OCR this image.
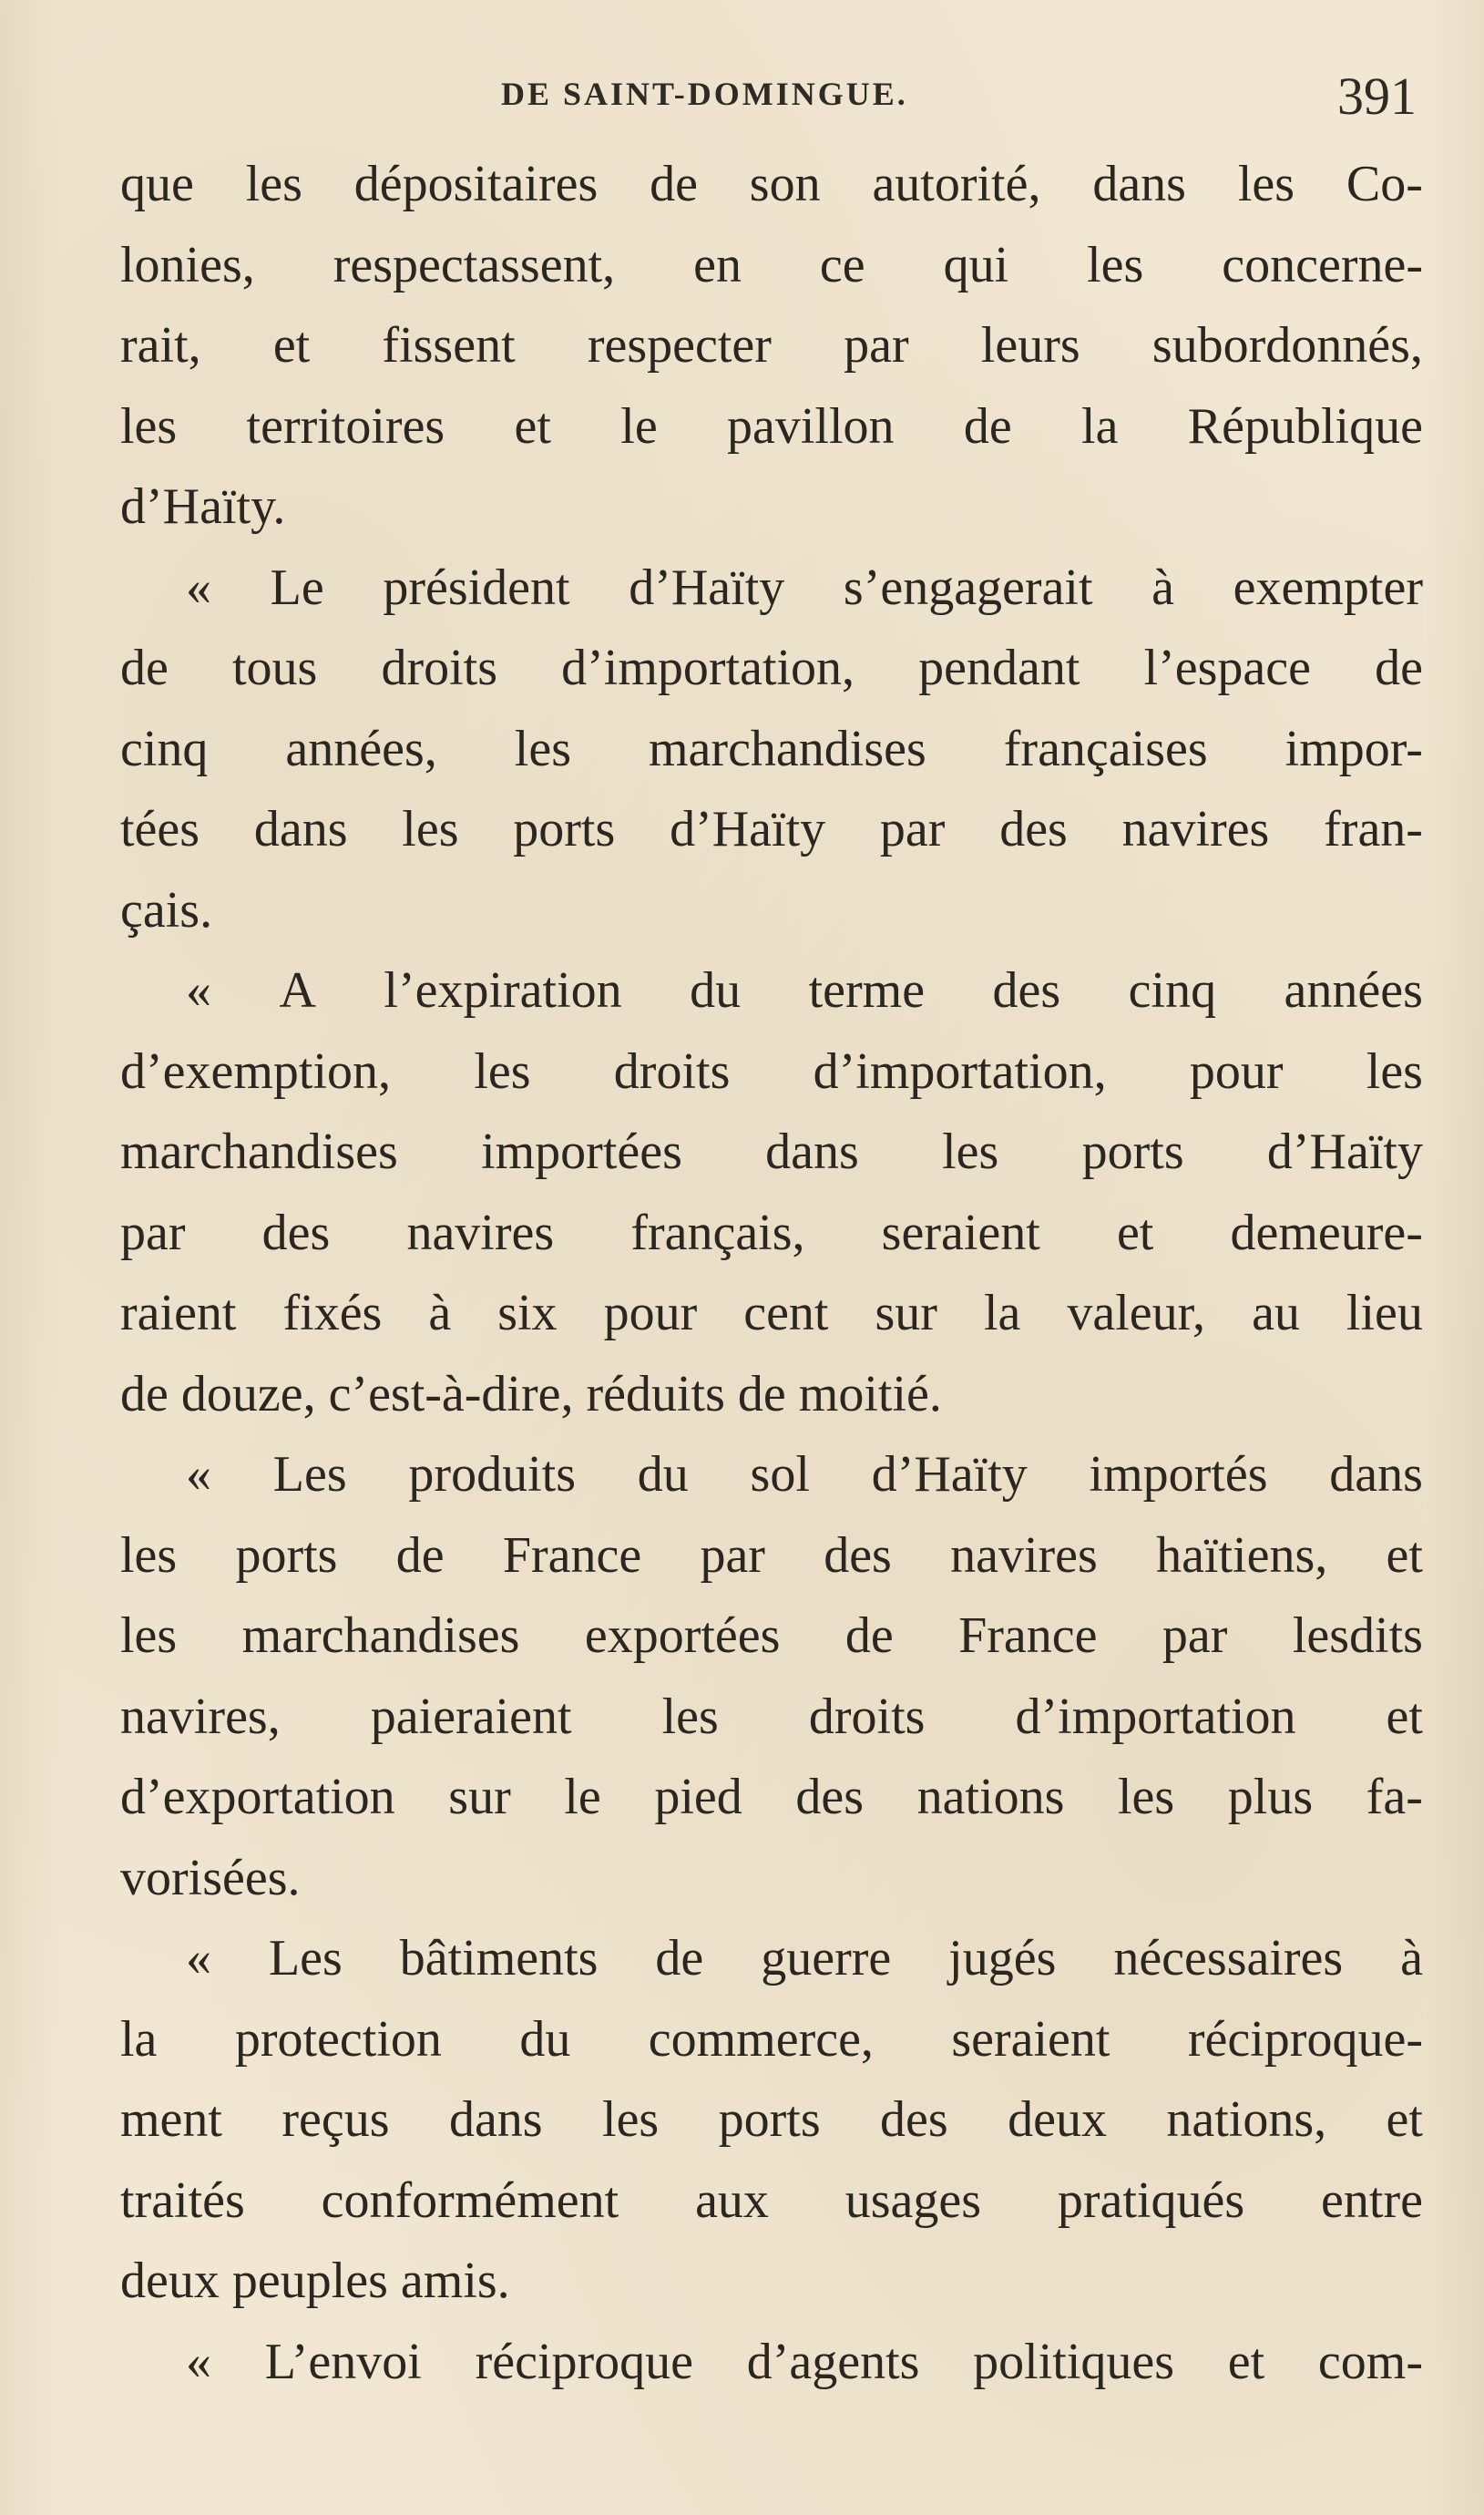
DE SAINT-DOMINGUE.	391
que les dépositaires de son autorité, dans les Co-
lonies, respectassent, en ce qui les concerne-
rait, et fissent respecter par leurs subordonnés,
les territoires et le pavillon de la République
d’Haïty.
« Le président d’Haïty s’engagerait à exempter
de tous droits d’importation, pendant l’espace de
cinq années, les marchandises françaises impor-
tées dans les ports d’Haïty par des navires fran-
çais.
« A l’expiration du terme des cinq années
d’exemption, les droits d’importation, pour les
marchandises importées dans les ports d’Haïty
par des navires français, seraient et demeure-
raient fixés à six pour cent sur la valeur, au lieu
de douze, c’est-à-dire, réduits de moitié.
« Les produits du sol d’Haïty importés dans
les ports de France par des navires haïtiens, et
les marchandises exportées de France par lesdits
navires, paieraient les droits d’importation et
d’exportation sur le pied des nations les plus fa-
vorisées.
« Les bâtiments de guerre jugés nécessaires à
la protection du commerce, seraient réciproque-
ment reçus dans les ports des deux nations, et
traités conformément aux usages pratiqués entre
deux peuples amis.
« L’envoi réciproque d’agents politiques et com-
